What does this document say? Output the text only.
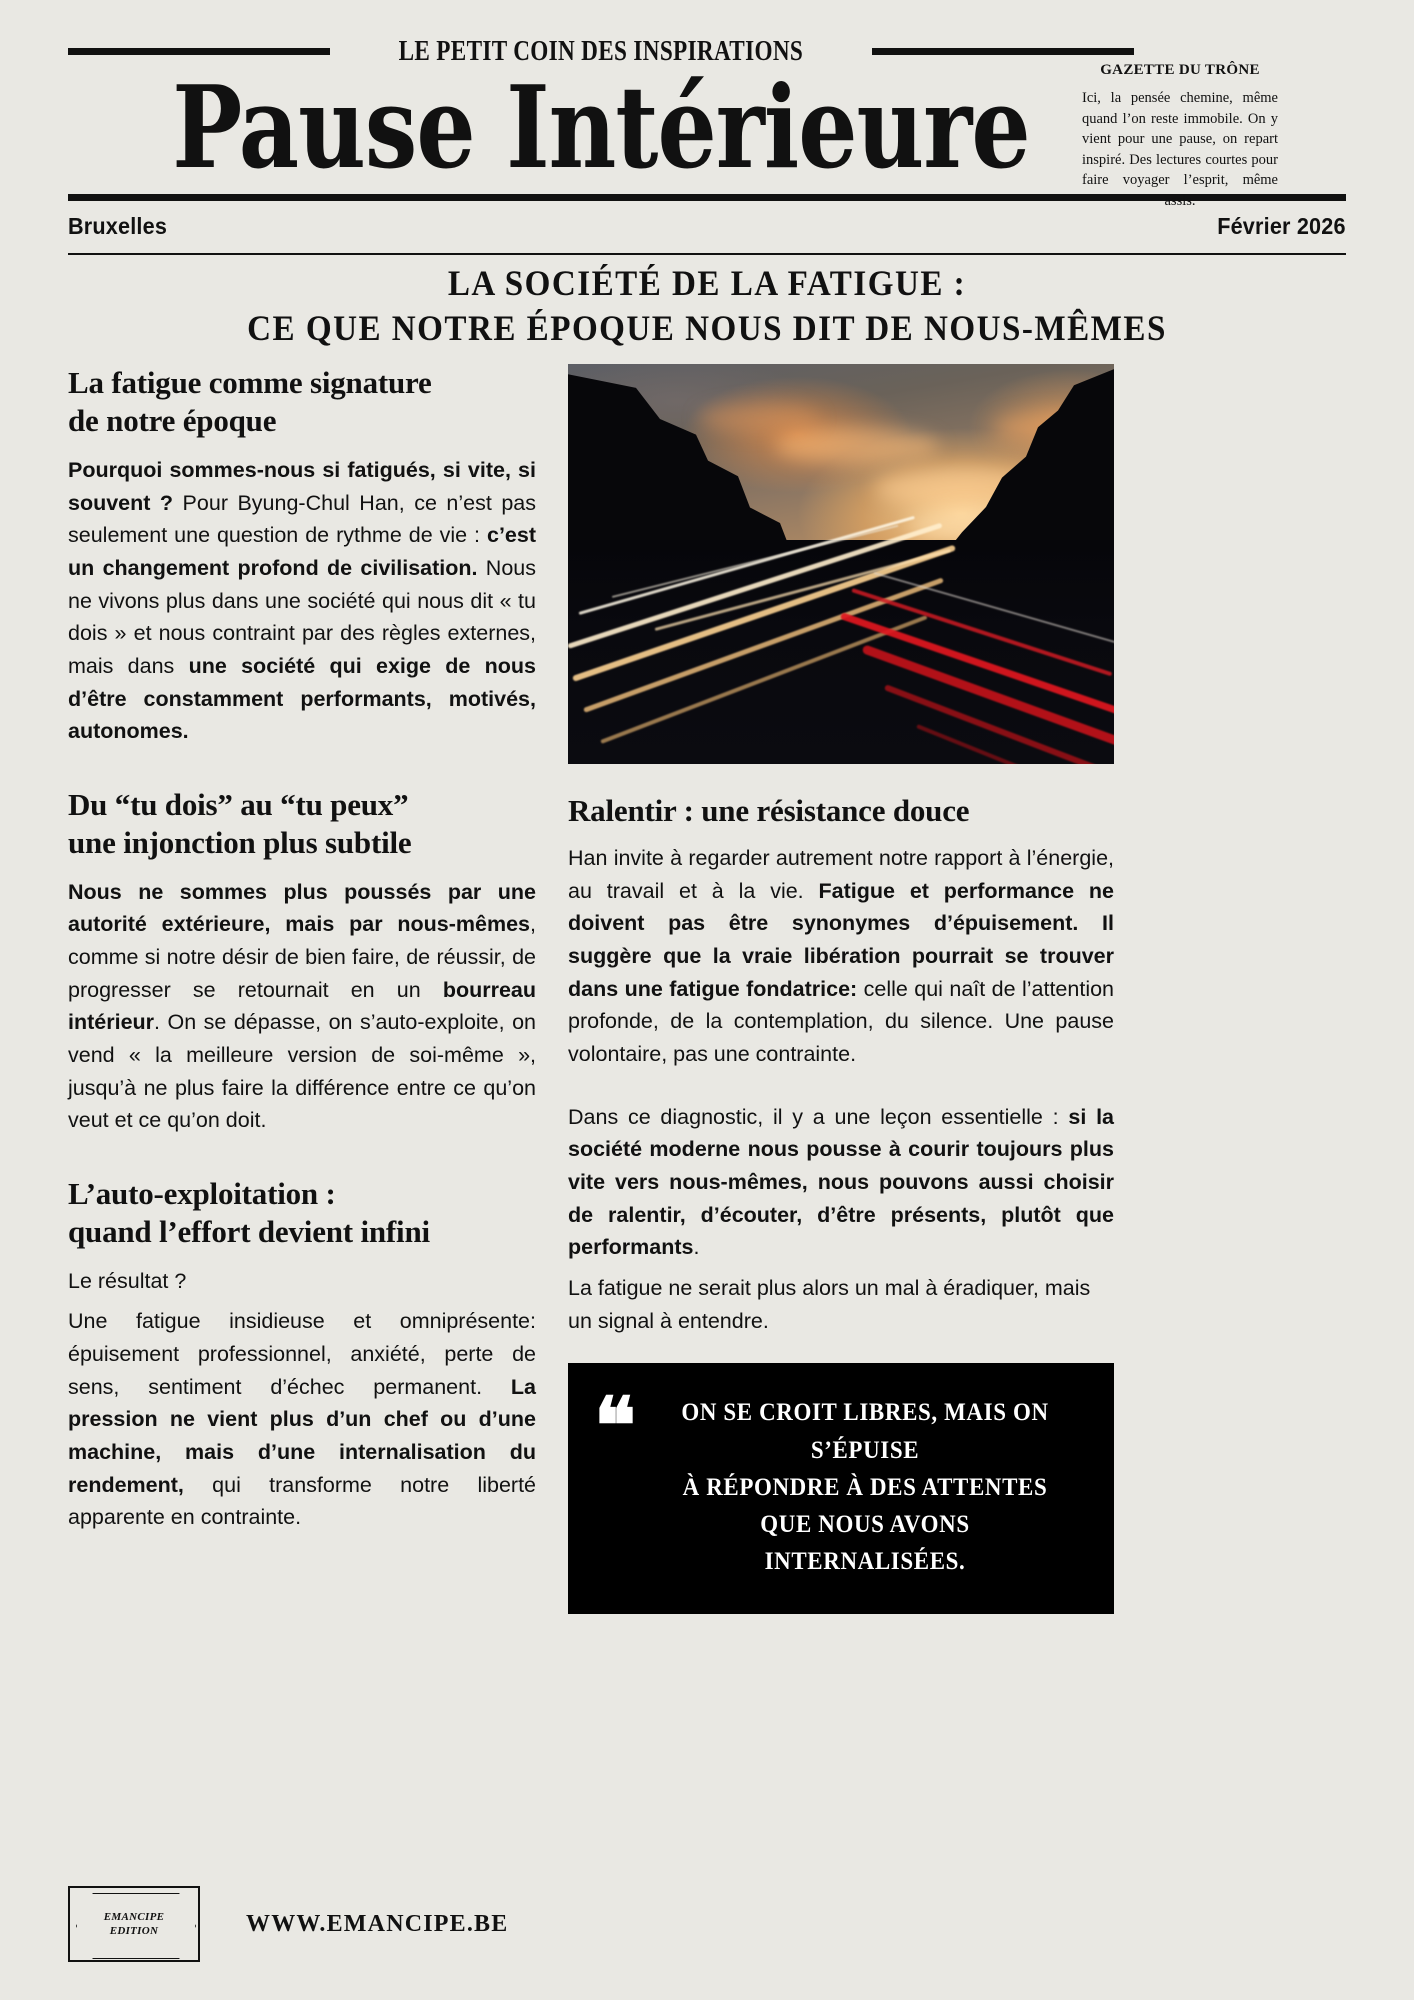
LE PETIT COIN DES INSPIRATIONS
Pause Intérieure	GAZETTE DU TRÔNE
Ici, la pensée chemine, même quand l’on reste immobile. On y vient pour une pause, on repart inspiré. Des lectures courtes pour faire voyager l’esprit, même assis.
Bruxelles	Février 2026
LA SOCIÉTÉ DE LA FATIGUE :
CE QUE NOTRE ÉPOQUE NOUS DIT DE NOUS-MÊMES
La fatigue comme signature
de notre époque

Pourquoi sommes-nous si fatigués, si vite, si souvent ? Pour Byung-Chul Han, ce n’est pas seulement une question de rythme de vie : c’est un changement profond de civilisation. Nous ne vivons plus dans une société qui nous dit « tu dois » et nous contraint par des règles externes, mais dans une société qui exige de nous d’être constamment performants, motivés, autonomes.

Du “tu dois” au “tu peux”
une injonction plus subtile

Nous ne sommes plus poussés par une autorité extérieure, mais par nous-mêmes, comme si notre désir de bien faire, de réussir, de progresser se retournait en un bourreau intérieur. On se dépasse, on s’auto-exploite, on vend « la meilleure version de soi-même », jusqu’à ne plus faire la différence entre ce qu’on veut et ce qu’on doit.

L’auto-exploitation :
quand l’effort devient infini

Le résultat ?

Une fatigue insidieuse et omniprésente: épuisement professionnel, anxiété, perte de sens, sentiment d’échec permanent. La pression ne vient plus d’un chef ou d’une machine, mais d’une internalisation du rendement, qui transforme notre liberté apparente en contrainte.

Ralentir : une résistance douce

Han invite à regarder autrement notre rapport à l’énergie, au travail et à la vie. Fatigue et performance ne doivent pas être synonymes d’épuisement. Il suggère que la vraie libération pourrait se trouver dans une fatigue fondatrice: celle qui naît de l’attention profonde, de la contemplation, du silence. Une pause volontaire, pas une contrainte.

Dans ce diagnostic, il y a une leçon essentielle : si la société moderne nous pousse à courir toujours plus vite vers nous-mêmes, nous pouvons aussi choisir de ralentir, d’écouter, d’être présents, plutôt que performants.

La fatigue ne serait plus alors un mal à éradiquer, mais un signal à entendre.

❝	ON SE CROIT LIBRES, MAIS ON S’ÉPUISE
À RÉPONDRE À DES ATTENTES
QUE NOUS AVONS INTERNALISÉES.
EMANCIPE
EDITION	WWW.EMANCIPE.BE
